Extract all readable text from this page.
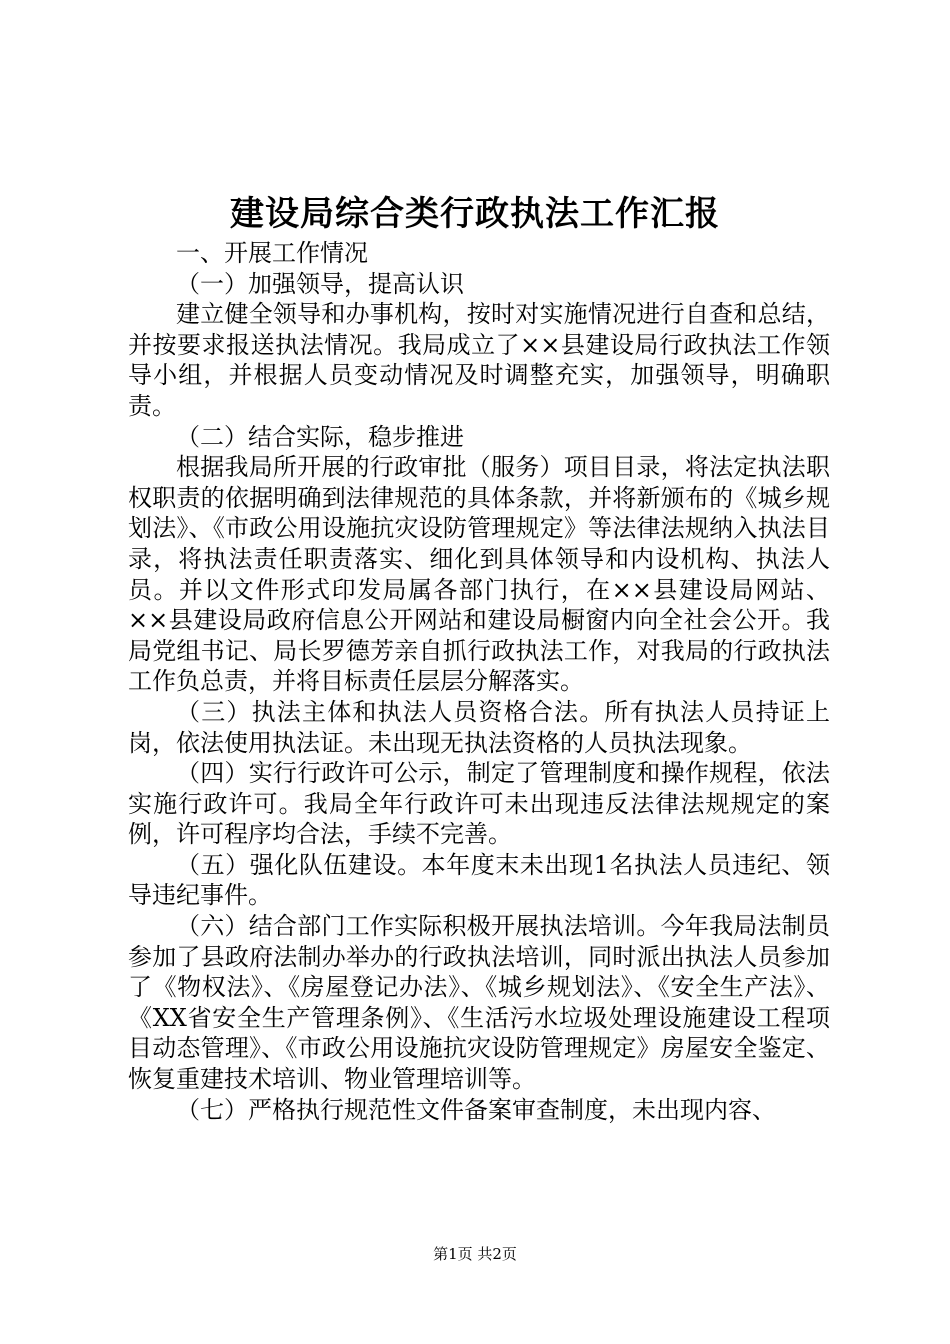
建设局综合类行政执法工作汇报

一、开展工作情况

（一）加强领导，提高认识

建立健全领导和办事机构，按时对实施情况进行自查和总结，并按要求报送执法情况。我局成立了××县建设局行政执法工作领导小组，并根据人员变动情况及时调整充实，加强领导，明确职责。

（二）结合实际，稳步推进

根据我局所开展的行政审批（服务）项目目录，将法定执法职权职责的依据明确到法律规范的具体条款，并将新颁布的《城乡规划法》、《市政公用设施抗灾设防管理规定》等法律法规纳入执法目录，将执法责任职责落实、细化到具体领导和内设机构、执法人员。并以文件形式印发局属各部门执行，在××县建设局网站、××县建设局政府信息公开网站和建设局橱窗内向全社会公开。我局党组书记、局长罗德芳亲自抓行政执法工作，对我局的行政执法工作负总责，并将目标责任层层分解落实。

（三）执法主体和执法人员资格合法。所有执法人员持证上岗，依法使用执法证。未出现无执法资格的人员执法现象。

（四）实行行政许可公示，制定了管理制度和操作规程，依法实施行政许可。我局全年行政许可未出现违反法律法规规定的案例，许可程序均合法，手续不完善。

（五）强化队伍建设。本年度末未出现1名执法人员违纪、领导违纪事件。

（六）结合部门工作实际积极开展执法培训。今年我局法制员参加了县政府法制办举办的行政执法培训，同时派出执法人员参加了《物权法》、《房屋登记办法》、《城乡规划法》、《安全生产法》、《XX省安全生产管理条例》、《生活污水垃圾处理设施建设工程项目动态管理》、《市政公用设施抗灾设防管理规定》房屋安全鉴定、恢复重建技术培训、物业管理培训等。

（七）严格执行规范性文件备案审查制度，未出现内容、

第1页 共2页
